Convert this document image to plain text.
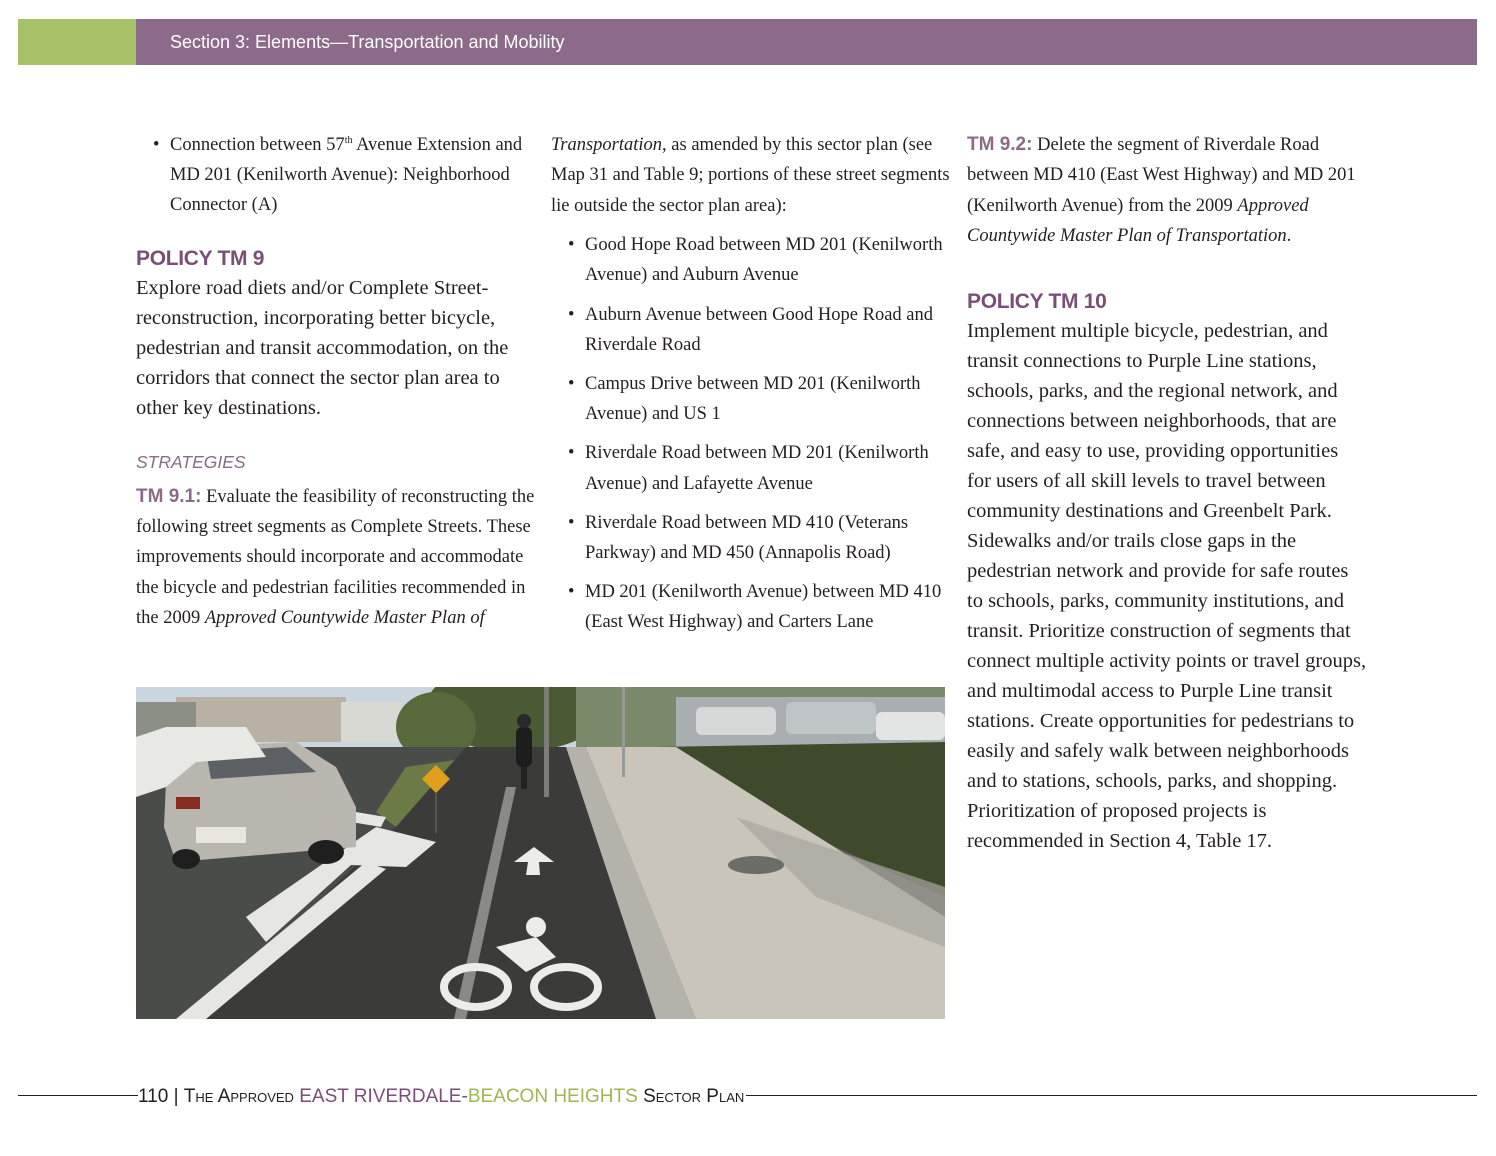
Section 3: Elements—Transportation and Mobility
• Connection between 57th Avenue Extension and MD 201 (Kenilworth Avenue): Neighborhood Connector (A)
POLICY TM 9

Explore road diets and/or Complete Street-reconstruction, incorporating better bicycle, pedestrian and transit accommodation, on the corridors that connect the sector plan area to other key destinations.

STRATEGIES

TM 9.1: Evaluate the feasibility of reconstructing the following street segments as Complete Streets. These improvements should incorporate and accommodate the bicycle and pedestrian facilities recommended in the 2009 Approved Countywide Master Plan of

Transportation, as amended by this sector plan (see Map 31 and Table 9; portions of these street segments lie outside the sector plan area):

• Good Hope Road between MD 201 (Kenilworth Avenue) and Auburn Avenue
• Auburn Avenue between Good Hope Road and Riverdale Road
• Campus Drive between MD 201 (Kenilworth Avenue) and US 1
• Riverdale Road between MD 201 (Kenilworth Avenue) and Lafayette Avenue
• Riverdale Road between MD 410 (Veterans Parkway) and MD 450 (Annapolis Road)
• MD 201 (Kenilworth Avenue) between MD 410 (East West Highway) and Carters Lane

TM 9.2: Delete the segment of Riverdale Road between MD 410 (East West Highway) and MD 201 (Kenilworth Avenue) from the 2009 Approved Countywide Master Plan of Transportation.

POLICY TM 10

Implement multiple bicycle, pedestrian, and transit connections to Purple Line stations, schools, parks, and the regional network, and connections between neighborhoods, that are safe, and easy to use, providing opportunities for users of all skill levels to travel between community destinations and Greenbelt Park. Sidewalks and/or trails close gaps in the pedestrian network and provide for safe routes to schools, parks, community institutions, and transit. Prioritize construction of segments that connect multiple activity points or travel groups, and multimodal access to Purple Line transit stations. Create opportunities for pedestrians to easily and safely walk between neighborhoods and to stations, schools, parks, and shopping. Prioritization of proposed projects is recommended in Section 4, Table 17.

110 | The Approved EAST RIVERDALE-BEACON HEIGHTS Sector Plan
